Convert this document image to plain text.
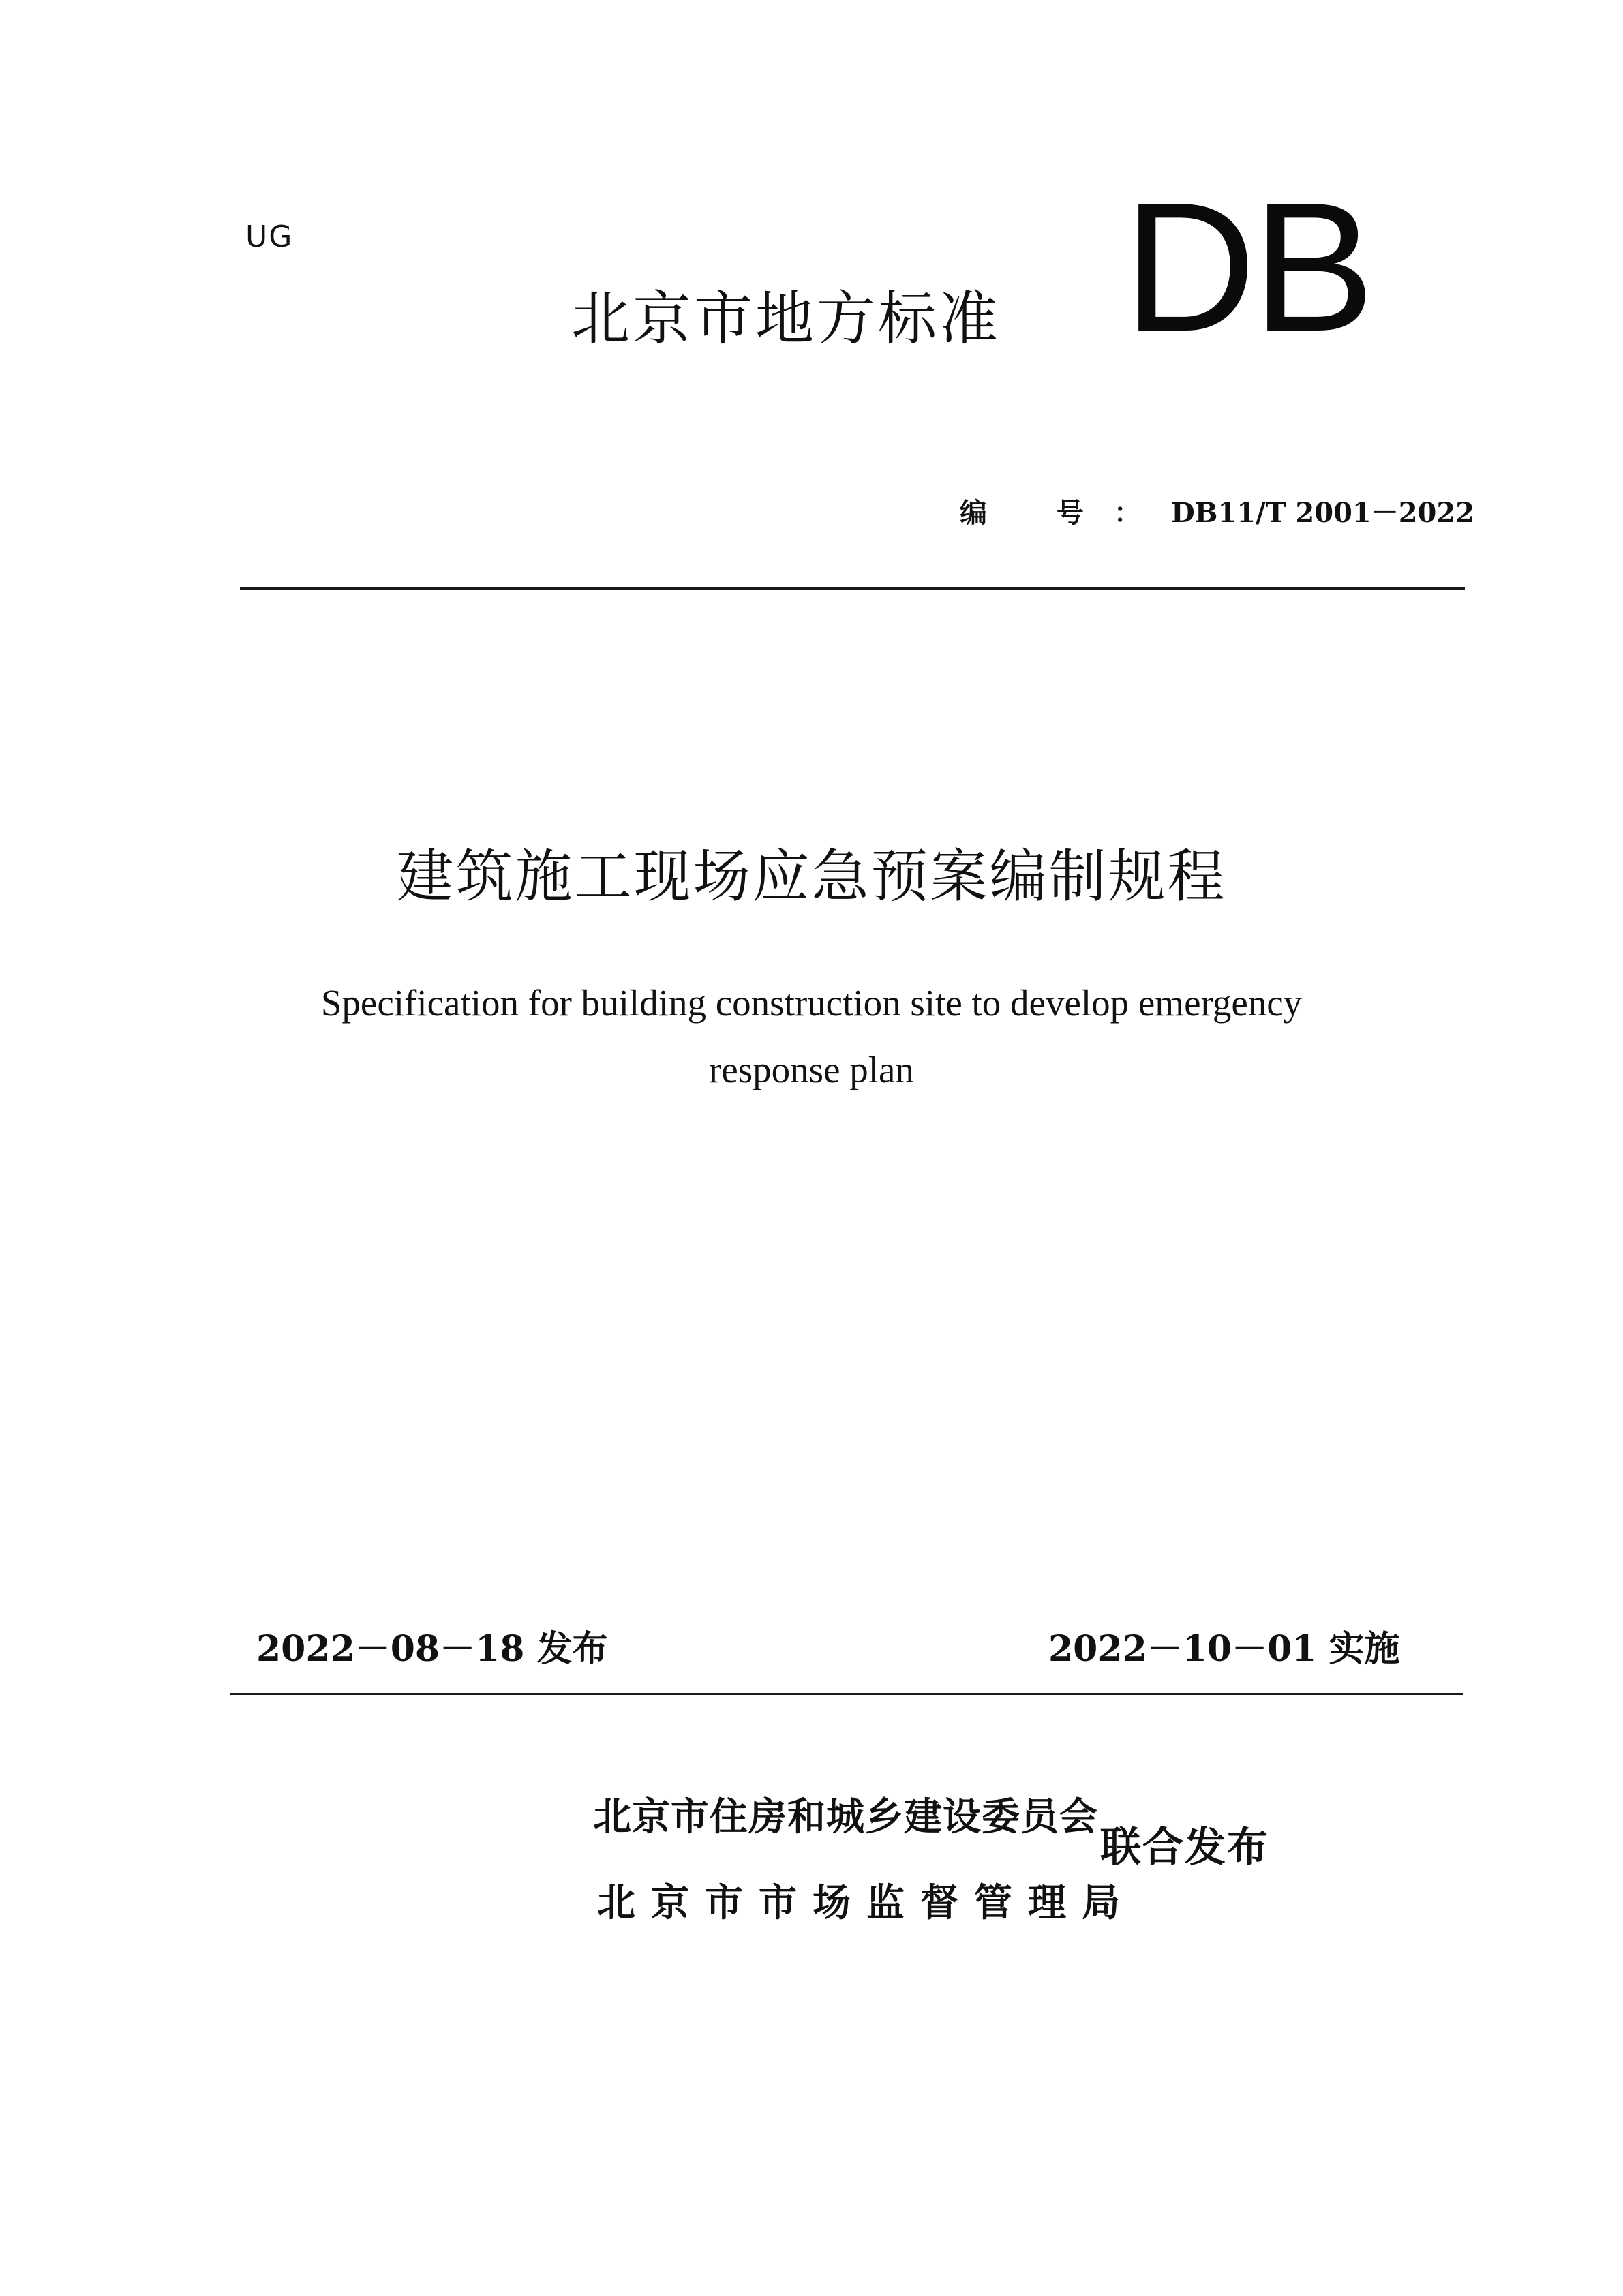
UG	DB
北京市地方标准
编 号：DB11/T 2001－2022
建筑施工现场应急预案编制规程
Specification for building construction site to develop emergency
response plan
2022－08－18 发布	2022－10－01 实施
北京市住房和城乡建设委员会
北京市市场监督管理局
联合发布
